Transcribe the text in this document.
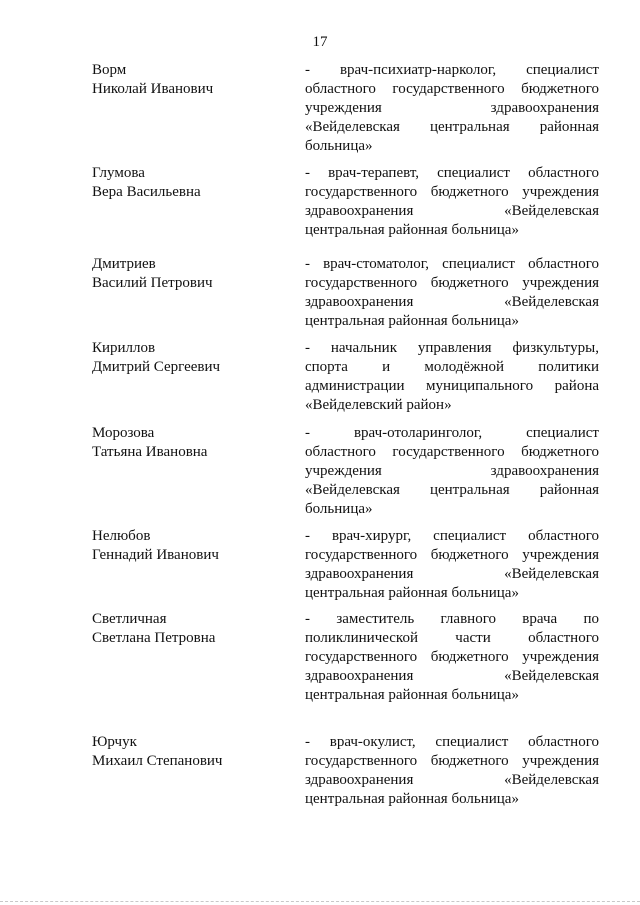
17
Ворм
Николай Иванович
- врач-психиатр-нарколог, специалист
областного государственного бюджетного
учреждения здравоохранения
«Вейделевская центральная районная
больница»
Глумова
Вера Васильевна
- врач-терапевт, специалист областного
государственного бюджетного учреждения
здравоохранения «Вейделевская
центральная районная больница»
Дмитриев
Василий Петрович
- врач-стоматолог, специалист областного
государственного бюджетного учреждения
здравоохранения «Вейделевская
центральная районная больница»
Кириллов
Дмитрий Сергеевич
- начальник управления физкультуры,
спорта и молодёжной политики
администрации муниципального района
«Вейделевский район»
Морозова
Татьяна Ивановна
- врач-отоларинголог, специалист
областного государственного бюджетного
учреждения здравоохранения
«Вейделевская центральная районная
больница»
Нелюбов
Геннадий Иванович
- врач-хирург, специалист областного
государственного бюджетного учреждения
здравоохранения «Вейделевская
центральная районная больница»
Светличная
Светлана Петровна
- заместитель главного врача по
поликлинической части областного
государственного бюджетного учреждения
здравоохранения «Вейделевская
центральная районная больница»
Юрчук
Михаил Степанович
- врач-окулист, специалист областного
государственного бюджетного учреждения
здравоохранения «Вейделевская
центральная районная больница»
